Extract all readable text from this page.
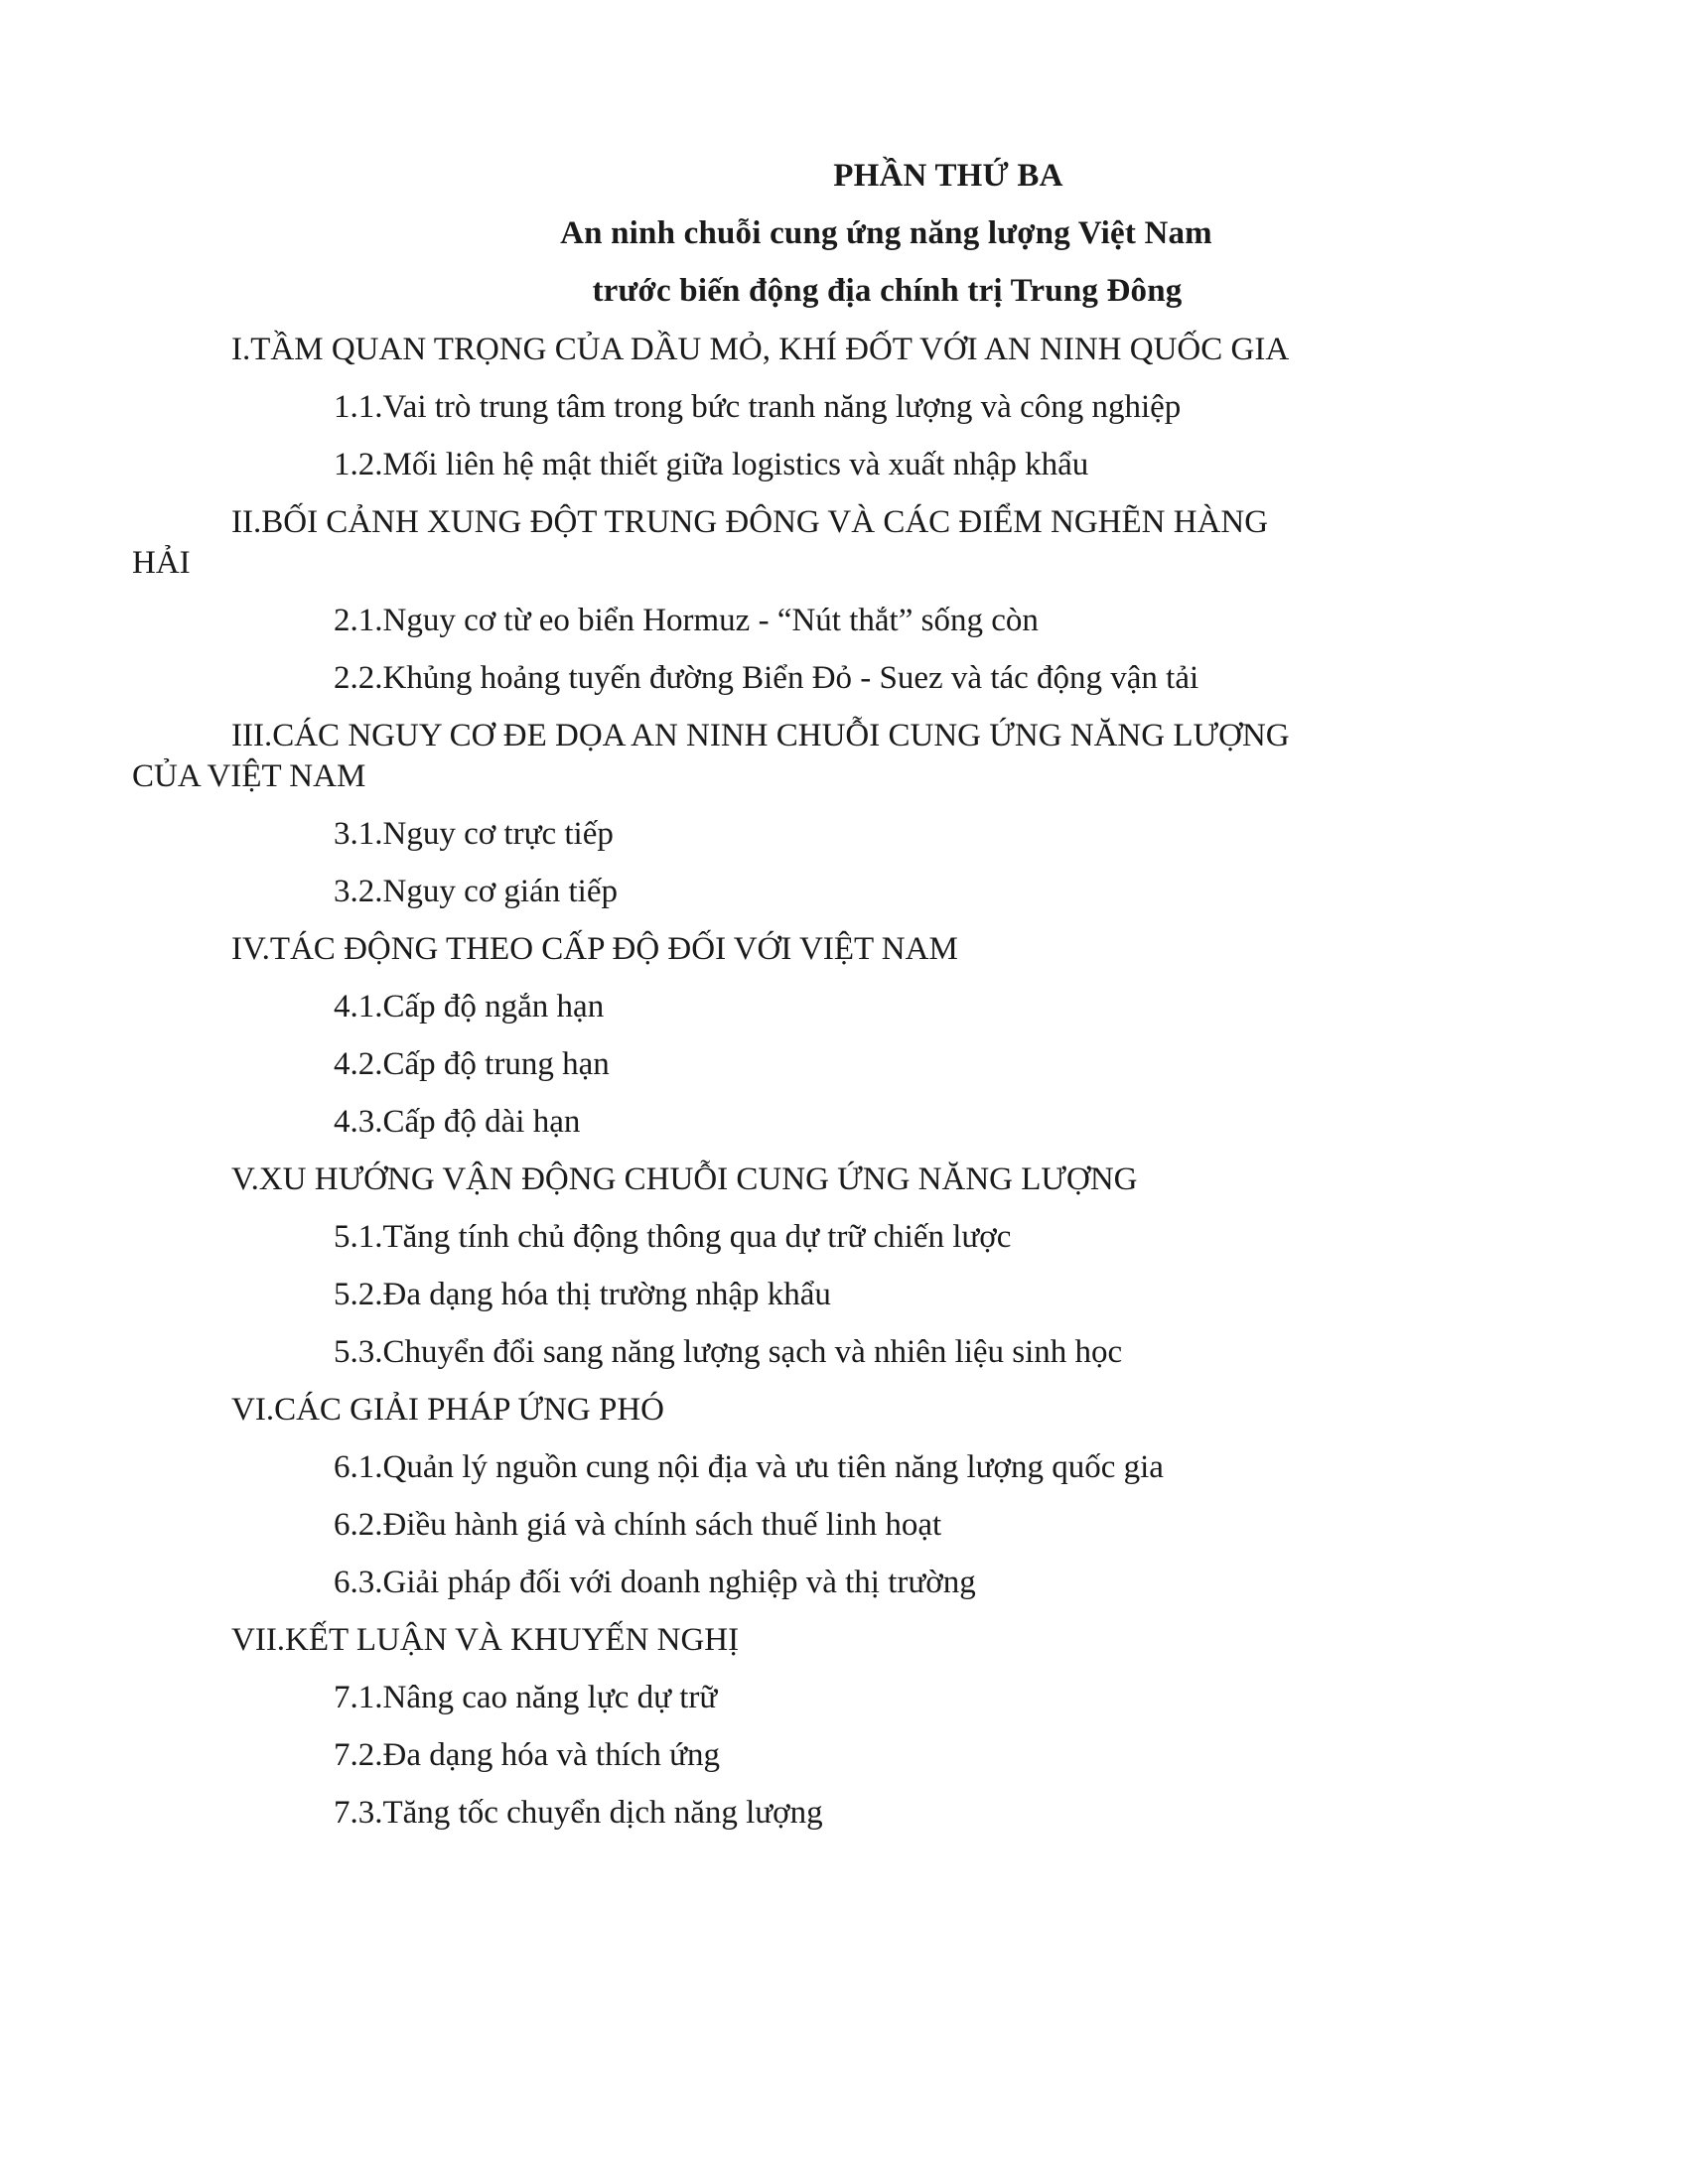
PHẦN THỨ BA
An ninh chuỗi cung ứng năng lượng Việt Nam
trước biến động địa chính trị Trung Đông

I.TẦM QUAN TRỌNG CỦA DẦU MỎ, KHÍ ĐỐT VỚI AN NINH QUỐC GIA

1.1.Vai trò trung tâm trong bức tranh năng lượng và công nghiệp

1.2.Mối liên hệ mật thiết giữa logistics và xuất nhập khẩu

II.BỐI CẢNH XUNG ĐỘT TRUNG ĐÔNG VÀ CÁC ĐIỂM NGHẼN HÀNG HẢI

2.1.Nguy cơ từ eo biển Hormuz - “Nút thắt” sống còn

2.2.Khủng hoảng tuyến đường Biển Đỏ - Suez và tác động vận tải

III.CÁC NGUY CƠ ĐE DỌA AN NINH CHUỖI CUNG ỨNG NĂNG LƯỢNG CỦA VIỆT NAM

3.1.Nguy cơ trực tiếp

3.2.Nguy cơ gián tiếp

IV.TÁC ĐỘNG THEO CẤP ĐỘ ĐỐI VỚI VIỆT NAM

4.1.Cấp độ ngắn hạn

4.2.Cấp độ trung hạn

4.3.Cấp độ dài hạn

V.XU HƯỚNG VẬN ĐỘNG CHUỖI CUNG ỨNG NĂNG LƯỢNG

5.1.Tăng tính chủ động thông qua dự trữ chiến lược

5.2.Đa dạng hóa thị trường nhập khẩu

5.3.Chuyển đổi sang năng lượng sạch và nhiên liệu sinh học

VI.CÁC GIẢI PHÁP ỨNG PHÓ

6.1.Quản lý nguồn cung nội địa và ưu tiên năng lượng quốc gia

6.2.Điều hành giá và chính sách thuế linh hoạt

6.3.Giải pháp đối với doanh nghiệp và thị trường

VII.KẾT LUẬN VÀ KHUYẾN NGHỊ

7.1.Nâng cao năng lực dự trữ

7.2.Đa dạng hóa và thích ứng

7.3.Tăng tốc chuyển dịch năng lượng
